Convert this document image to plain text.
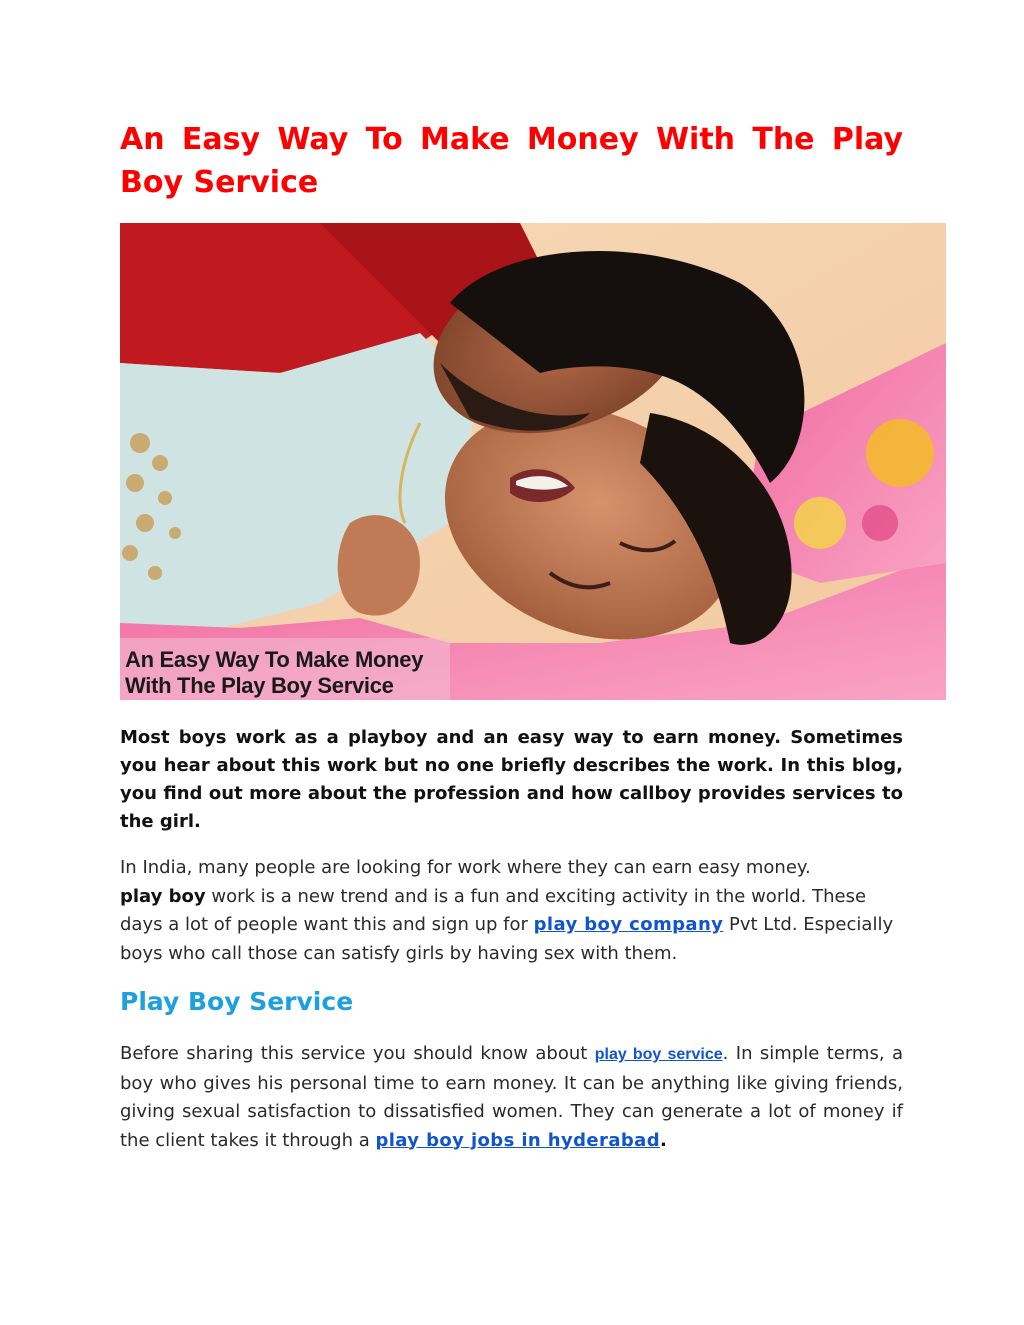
An Easy Way To Make Money With The Play Boy Service
An Easy Way To Make Money
With The Play Boy Service

Most boys work as a playboy and an easy way to earn money. Sometimes you hear about this work but no one briefly describes the work. In this blog, you find out more about the profession and how callboy provides services to the girl.

In India, many people are looking for work where they can earn easy money.
play boy work is a new trend and is a fun and exciting activity in the world. These days a lot of people want this and sign up for play boy company Pvt Ltd. Especially boys who call those can satisfy girls by having sex with them.

Play Boy Service

Before sharing this service you should know about play boy service. In simple terms, a boy who gives his personal time to earn money. It can be anything like giving friends, giving sexual satisfaction to dissatisfied women. They can generate a lot of money if the client takes it through a play boy jobs in hyderabad.
